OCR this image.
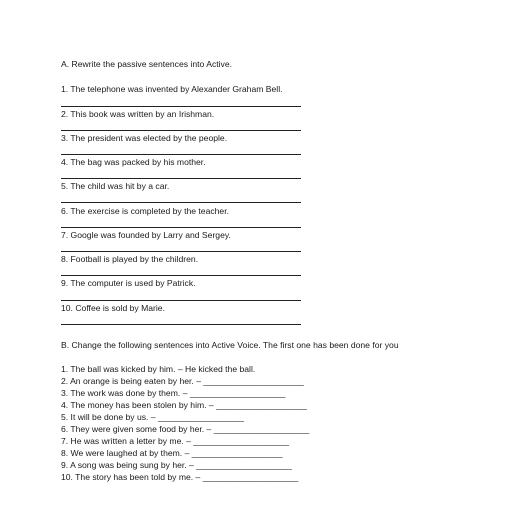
A. Rewrite the passive sentences into Active.
1. The telephone was invented by Alexander Graham Bell.
2. This book was written by an Irishman.
3. The president was elected by the people.
4. The bag was packed by his mother.
5. The child was hit by a car.
6. The exercise is completed by the teacher.
7. Google was founded by Larry and Sergey.
8. Football is played by the children.
9. The computer is used by Patrick.
10. Coffee is sold by Marie.
B. Change the following sentences into Active Voice. The first one has been done for you
1. The ball was kicked by him. – He kicked the ball.
2. An orange is being eaten by her. – _____________________
3. The work was done by them. – ____________________
4. The money has been stolen by him. – ___________________
5. It will be done by us. – __________________
6. They were given some food by her. – ____________________
7. He was written a letter by me. – ____________________
8. We were laughed at by them. – ___________________
9. A song was being sung by her. – ____________________
10. The story has been told by me. – ____________________
